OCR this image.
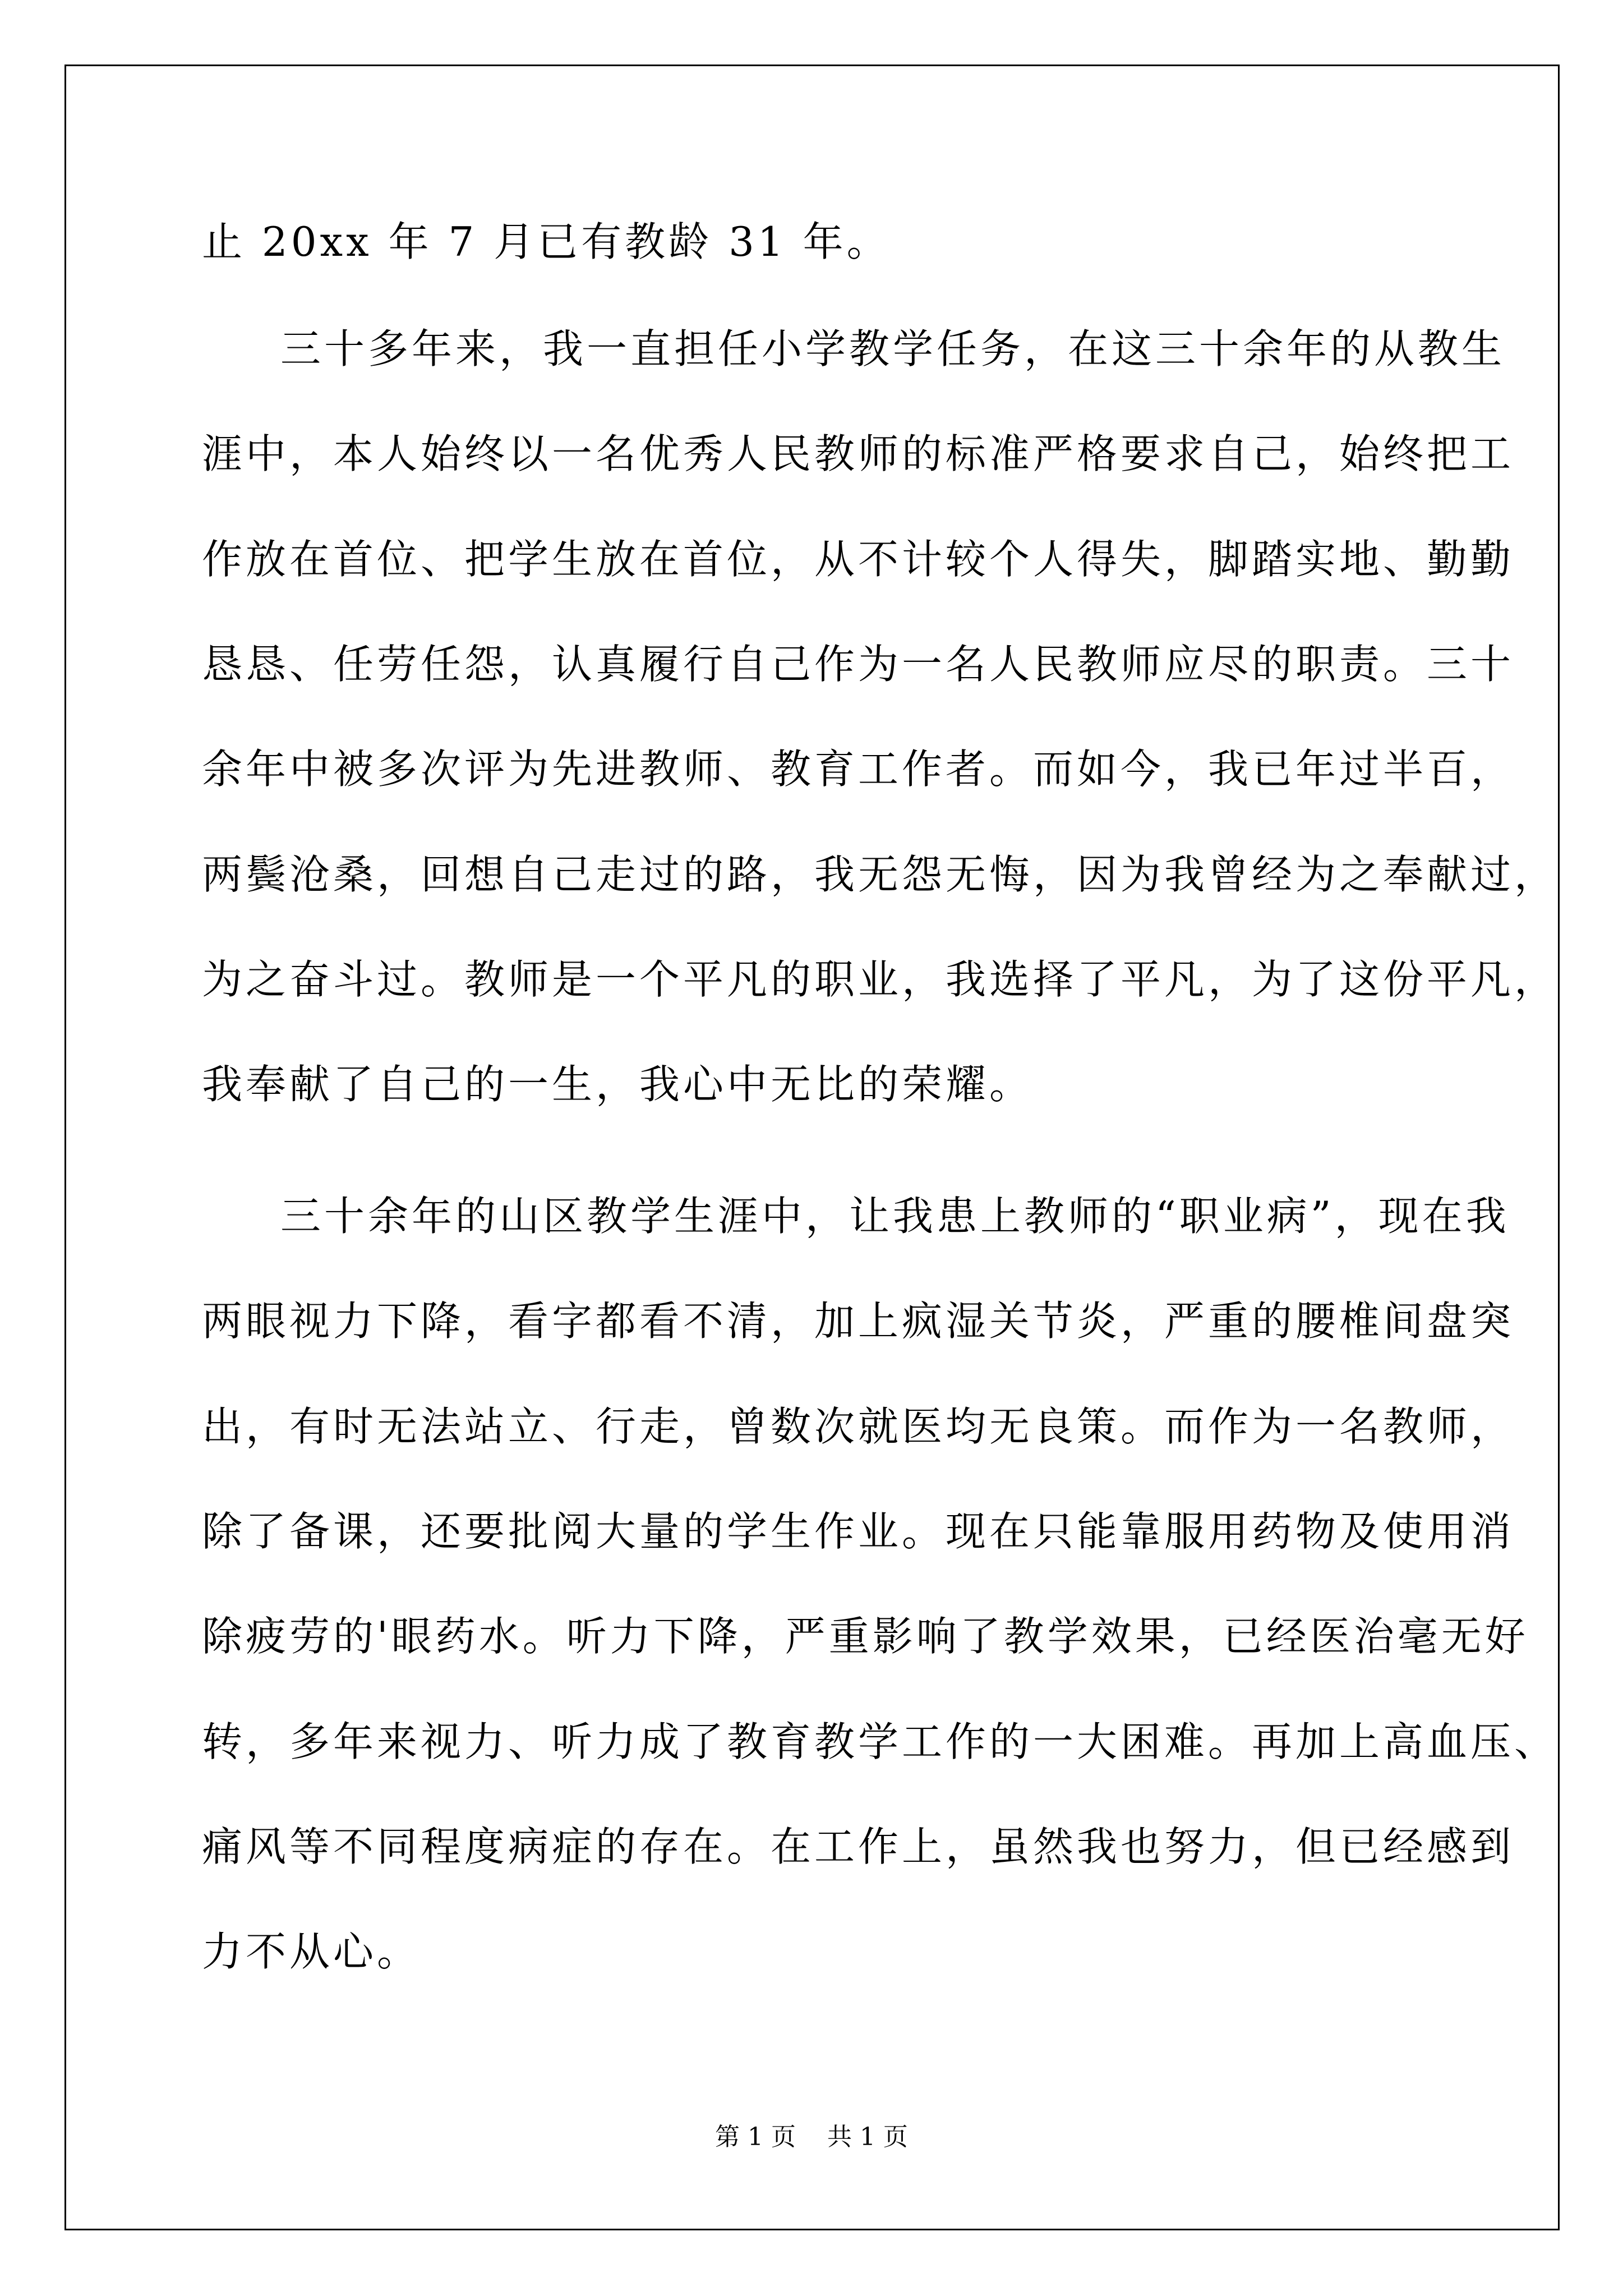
止 20xx 年 7 月已有教龄 31 年。
三十多年来，我一直担任小学教学任务，在这三十余年的从教生
涯中，本人始终以一名优秀人民教师的标准严格要求自己，始终把工
作放在首位、把学生放在首位，从不计较个人得失，脚踏实地、勤勤
恳恳、任劳任怨，认真履行自己作为一名人民教师应尽的职责。三十
余年中被多次评为先进教师、教育工作者。而如今，我已年过半百，
两鬓沧桑，回想自己走过的路，我无怨无悔，因为我曾经为之奉献过，
为之奋斗过。教师是一个平凡的职业，我选择了平凡，为了这份平凡，
我奉献了自己的一生，我心中无比的荣耀。
三十余年的山区教学生涯中，让我患上教师的“职业病”，现在我
两眼视力下降，看字都看不清，加上疯湿关节炎，严重的腰椎间盘突
出，有时无法站立、行走，曾数次就医均无良策。而作为一名教师，
除了备课，还要批阅大量的学生作业。现在只能靠服用药物及使用消
除疲劳的'眼药水。听力下降，严重影响了教学效果，已经医治毫无好
转，多年来视力、听力成了教育教学工作的一大困难。再加上高血压、
痛风等不同程度病症的存在。在工作上，虽然我也努力，但已经感到
力不从心。
第 1 页    共 1 页
